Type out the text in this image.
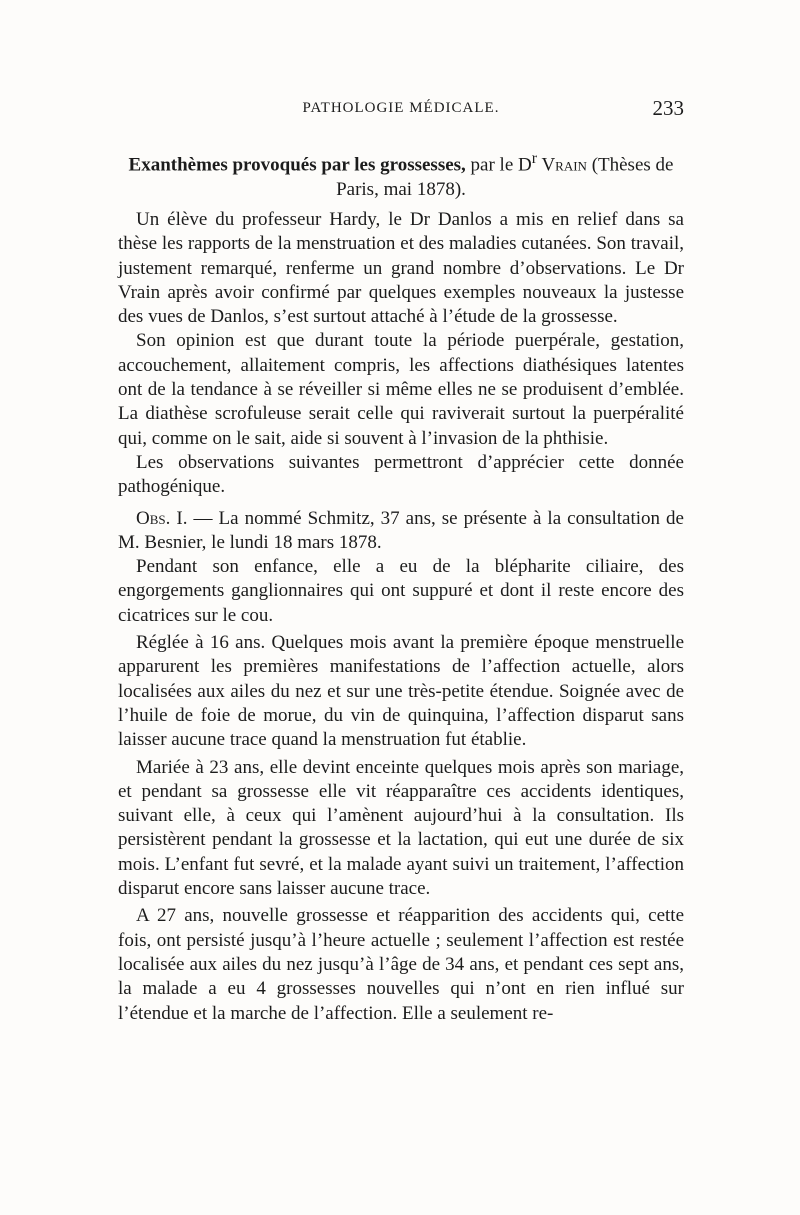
PATHOLOGIE MÉDICALE.	233
Exanthèmes provoqués par les grossesses, par le $D^r$ Vrain (Thèses de Paris, mai 1878).

Un élève du professeur Hardy, le Dr Danlos a mis en relief dans sa thèse les rapports de la menstruation et des maladies cutanées. Son travail, justement remarqué, renferme un grand nombre d’observations. Le Dr Vrain après avoir confirmé par quelques exemples nouveaux la justesse des vues de Danlos, s’est surtout attaché à l’étude de la grossesse.

Son opinion est que durant toute la période puerpérale, gestation, accouchement, allaitement compris, les affections diathésiques latentes ont de la tendance à se réveiller si même elles ne se produisent d’emblée. La diathèse scrofuleuse serait celle qui raviverait surtout la puerpéralité qui, comme on le sait, aide si souvent à l’invasion de la phthisie.

Les observations suivantes permettront d’apprécier cette donnée pathogénique.

Obs. I. — La nommé Schmitz, 37 ans, se présente à la consultation de M. Besnier, le lundi 18 mars 1878.

Pendant son enfance, elle a eu de la blépharite ciliaire, des engorgements ganglionnaires qui ont suppuré et dont il reste encore des cicatrices sur le cou.

Réglée à 16 ans. Quelques mois avant la première époque menstruelle apparurent les premières manifestations de l’affection actuelle, alors localisées aux ailes du nez et sur une très-petite étendue. Soignée avec de l’huile de foie de morue, du vin de quinquina, l’affection disparut sans laisser aucune trace quand la menstruation fut établie.

Mariée à 23 ans, elle devint enceinte quelques mois après son mariage, et pendant sa grossesse elle vit réapparaître ces accidents identiques, suivant elle, à ceux qui l’amènent aujourd’hui à la consultation. Ils persistèrent pendant la grossesse et la lactation, qui eut une durée de six mois. L’enfant fut sevré, et la malade ayant suivi un traitement, l’affection disparut encore sans laisser aucune trace.

A 27 ans, nouvelle grossesse et réapparition des accidents qui, cette fois, ont persisté jusqu’à l’heure actuelle ; seulement l’affection est restée localisée aux ailes du nez jusqu’à l’âge de 34 ans, et pendant ces sept ans, la malade a eu 4 grossesses nouvelles qui n’ont en rien influé sur l’étendue et la marche de l’affection. Elle a seulement re-
